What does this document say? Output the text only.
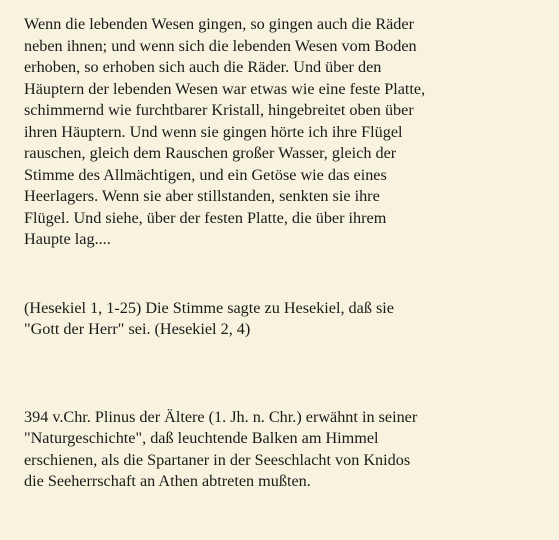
Wenn die lebenden Wesen gingen, so gingen auch die Räder
neben ihnen; und wenn sich die lebenden Wesen vom Boden
erhoben, so erhoben sich auch die Räder. Und über den
Häuptern der lebenden Wesen war etwas wie eine feste Platte,
schimmernd wie furchtbarer Kristall, hingebreitet oben über
ihren Häuptern. Und wenn sie gingen hörte ich ihre Flügel
rauschen, gleich dem Rauschen großer Wasser, gleich der
Stimme des Allmächtigen, und ein Getöse wie das eines
Heerlagers. Wenn sie aber stillstanden, senkten sie ihre
Flügel. Und siehe, über der festen Platte, die über ihrem
Haupte lag....

(Hesekiel 1, 1-25) Die Stimme sagte zu Hesekiel, daß sie
"Gott der Herr" sei. (Hesekiel 2, 4)

394 v.Chr. Plinus der Ältere (1. Jh. n. Chr.) erwähnt in seiner
"Naturgeschichte", daß leuchtende Balken am Himmel
erschienen, als die Spartaner in der Seeschlacht von Knidos
die Seeherrschaft an Athen abtreten mußten.
